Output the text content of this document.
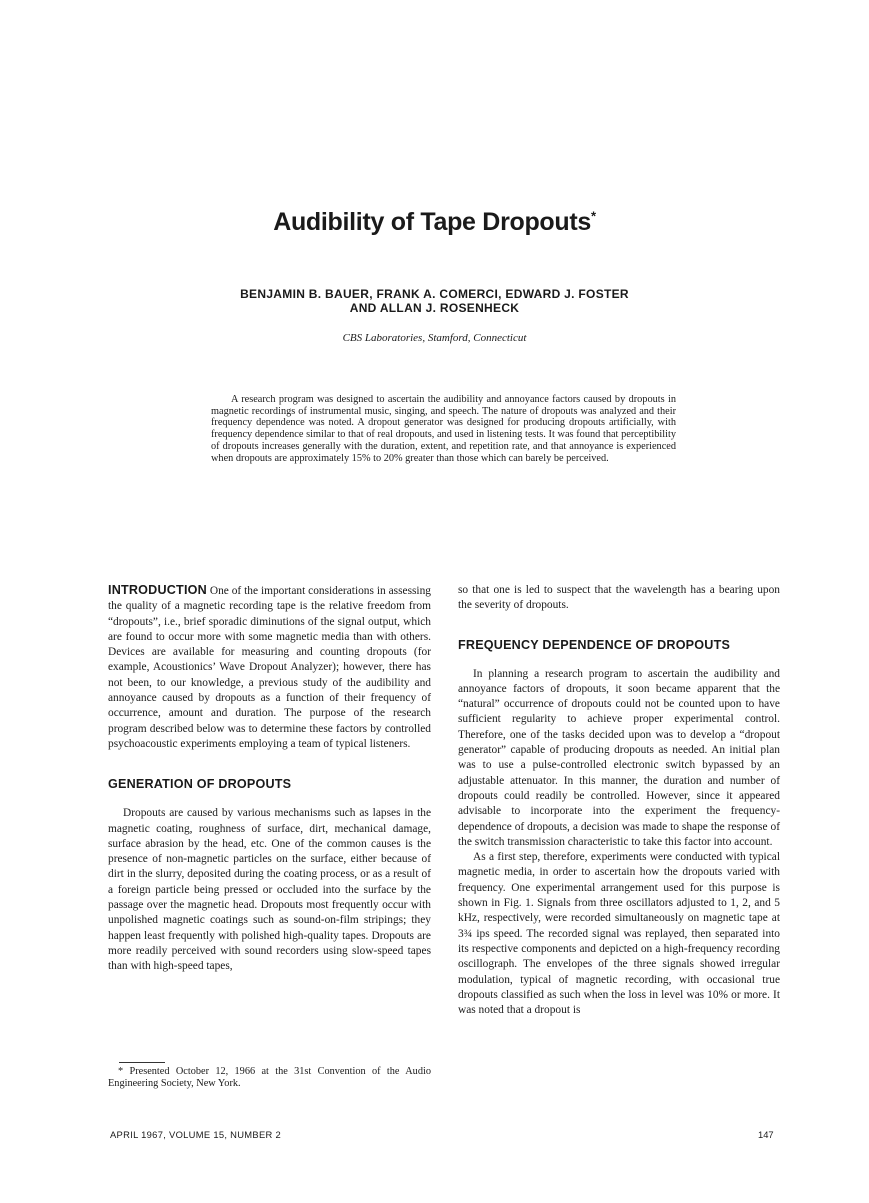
Audibility of Tape Dropouts*
BENJAMIN B. BAUER, FRANK A. COMERCI, EDWARD J. FOSTER
AND ALLAN J. ROSENHECK
CBS Laboratories, Stamford, Connecticut

A research program was designed to ascertain the audibility and annoyance factors caused by dropouts in magnetic recordings of instrumental music, singing, and speech. The nature of dropouts was analyzed and their frequency dependence was noted. A dropout generator was designed for producing dropouts artificially, with frequency dependence similar to that of real dropouts, and used in listening tests. It was found that perceptibility of dropouts increases generally with the duration, extent, and repetition rate, and that annoyance is experienced when dropouts are approximately 15% to 20% greater than those which can barely be perceived.

INTRODUCTION One of the important considerations in assessing the quality of a magnetic recording tape is the relative freedom from “dropouts”, i.e., brief sporadic diminutions of the signal output, which are found to occur more with some magnetic media than with others. Devices are available for measuring and counting dropouts (for example, Acoustionics’ Wave Dropout Analyzer); however, there has not been, to our knowledge, a previous study of the audibility and annoyance caused by dropouts as a function of their frequency of occurrence, amount and duration. The purpose of the research program described below was to determine these factors by controlled psychoacoustic experiments employing a team of typical listeners.

GENERATION OF DROPOUTS

Dropouts are caused by various mechanisms such as lapses in the magnetic coating, roughness of surface, dirt, mechanical damage, surface abrasion by the head, etc. One of the common causes is the presence of non-magnetic particles on the surface, either because of dirt in the slurry, deposited during the coating process, or as a result of a foreign particle being pressed or occluded into the surface by the passage over the magnetic head. Dropouts most frequently occur with unpolished magnetic coatings such as sound-on-film stripings; they happen least frequently with polished high-quality tapes. Dropouts are more readily perceived with sound recorders using slow-speed tapes than with high-speed tapes,

so that one is led to suspect that the wavelength has a bearing upon the severity of dropouts.

FREQUENCY DEPENDENCE OF DROPOUTS

In planning a research program to ascertain the audibility and annoyance factors of dropouts, it soon became apparent that the “natural” occurrence of dropouts could not be counted upon to have sufficient regularity to achieve proper experimental control. Therefore, one of the tasks decided upon was to develop a “dropout generator” capable of producing dropouts as needed. An initial plan was to use a pulse-controlled electronic switch bypassed by an adjustable attenuator. In this manner, the duration and number of dropouts could readily be controlled. However, since it appeared advisable to incorporate into the experiment the frequency-dependence of dropouts, a decision was made to shape the response of the switch transmission characteristic to take this factor into account.

As a first step, therefore, experiments were conducted with typical magnetic media, in order to ascertain how the dropouts varied with frequency. One experimental arrangement used for this purpose is shown in Fig. 1. Signals from three oscillators adjusted to 1, 2, and 5 kHz, respectively, were recorded simultaneously on magnetic tape at 3¾ ips speed. The recorded signal was replayed, then separated into its respective components and depicted on a high-frequency recording oscillograph. The envelopes of the three signals showed irregular modulation, typical of magnetic recording, with occasional true dropouts classified as such when the loss in level was 10% or more. It was noted that a dropout is

* Presented October 12, 1966 at the 31st Convention of the Audio Engineering Society, New York.
APRIL 1967, VOLUME 15, NUMBER 2	147
